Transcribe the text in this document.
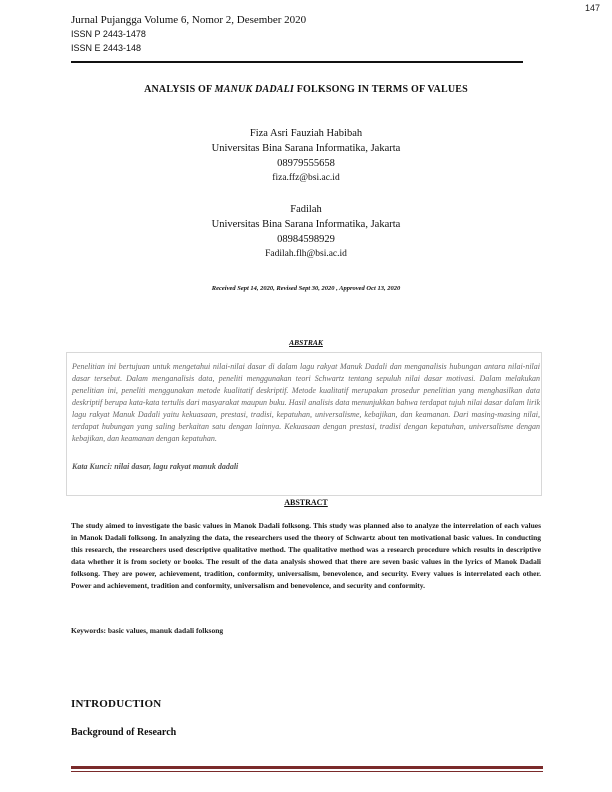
147
Jurnal Pujangga Volume 6, Nomor 2, Desember 2020
ISSN P 2443-1478
ISSN E 2443-148
ANALYSIS OF MANUK DADALI FOLKSONG IN TERMS OF VALUES
Fiza Asri Fauziah Habibah
Universitas Bina Sarana Informatika, Jakarta
08979555658
fiza.ffz@bsi.ac.id
Fadilah
Universitas Bina Sarana Informatika, Jakarta
08984598929
Fadilah.flh@bsi.ac.id
Received Sept 14, 2020, Revised Sept 30, 2020 , Approved Oct 13, 2020
ABSTRAK
Penelitian ini bertujuan untuk mengetahui nilai-nilai dasar di dalam lagu rakyat Manuk Dadali dan menganalisis hubungan antara nilai-nilai dasar tersebut. Dalam menganalisis data, peneliti menggunakan teori Schwartz tentang sepuluh nilai dasar motivasi. Dalam melakukan penelitian ini, peneliti menggunakan metode kualitatif deskriptif. Metode kualitatif merupakan prosedur penelitian yang menghasilkan data deskriptif berupa kata-kata tertulis dari masyarakat maupun buku. Hasil analisis data menunjukkan bahwa terdapat tujuh nilai dasar dalam lirik lagu rakyat Manuk Dadali yaitu kekuasaan, prestasi, tradisi, kepatuhan, universalisme, kebajikan, dan keamanan. Dari masing-masing nilai, terdapat hubungan yang saling berkaitan satu dengan lainnya. Kekuasaan dengan prestasi, tradisi dengan kepatuhan, universalisme dengan kebajikan, dan keamanan dengan kepatuhan.
Kata Kunci: nilai dasar, lagu rakyat manuk dadali
ABSTRACT
The study aimed to investigate the basic values in Manok Dadali folksong. This study was planned also to analyze the interrelation of each values in Manok Dadali folksong. In analyzing the data, the researchers used the theory of Schwartz about ten motivational basic values. In conducting this research, the researchers used descriptive qualitative method. The qualitative method was a research procedure which results in descriptive data whether it is from society or books. The result of the data analysis showed that there are seven basic values in the lyrics of Manok Dadali folksong. They are power, achievement, tradition, conformity, universalism, benevolence, and security. Every values is interrelated each other. Power and achievement, tradition and conformity, universalism and benevolence, and security and conformity.
Keywords: basic values, manuk dadali folksong
INTRODUCTION
Background of Research
